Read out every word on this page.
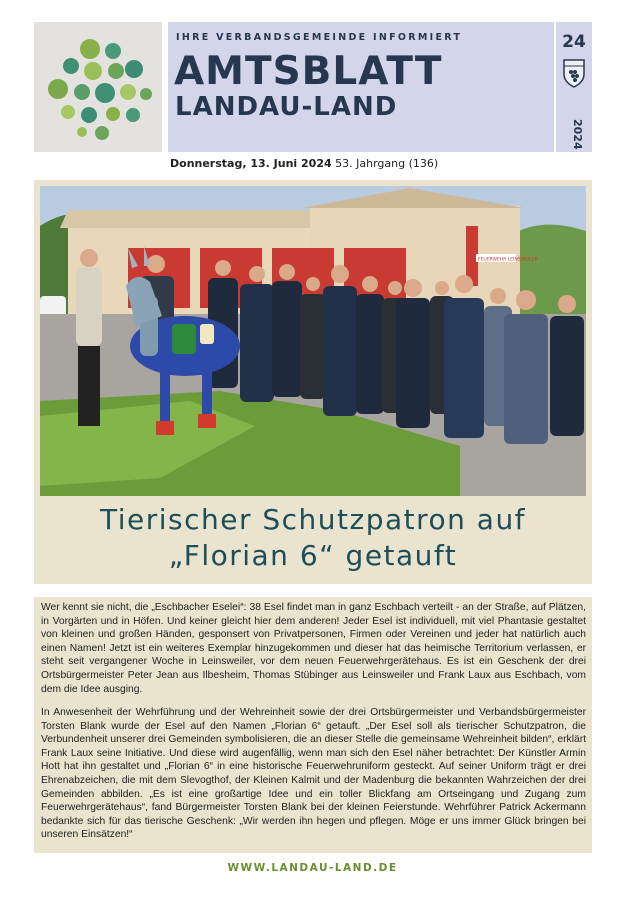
IHRE VERBANDSGEMEINDE INFORMIERT
AMTSBLATT
LANDAU-LAND
24
2024
Donnerstag, 13. Juni 2024 53. Jahrgang (136)
FEUERWEHR LEINSWEILER
Tierischer Schutzpatron auf
„Florian 6“ getauft

Wer kennt sie nicht, die „Eschbacher Eselei“: 38 Esel findet man in ganz Eschbach verteilt - an der Straße, auf Plätzen, in Vorgärten und in Höfen. Und keiner gleicht hier dem anderen! Jeder Esel ist individuell, mit viel Phantasie gestaltet von kleinen und großen Händen, gesponsert von Privatpersonen, Firmen oder Vereinen und jeder hat natürlich auch einen Namen! Jetzt ist ein weiteres Exemplar hinzugekommen und dieser hat das heimische Territorium verlassen, er steht seit vergangener Woche in Leinsweiler, vor dem neuen Feuerwehrgerätehaus. Es ist ein Geschenk der drei Ortsbürgermeister Peter Jean aus Ilbesheim, Thomas Stübinger aus Leinsweiler und Frank Laux aus Eschbach, vom dem die Idee ausging.

In Anwesenheit der Wehrführung und der Wehreinheit sowie der drei Ortsbürgermeister und Verbandsbürgermeister Torsten Blank wurde der Esel auf den Namen „Florian 6“ getauft. „Der Esel soll als tierischer Schutzpatron, die Verbundenheit unserer drei Gemeinden symbolisieren, die an dieser Stelle die gemeinsame Wehreinheit bilden“, erklärt Frank Laux seine Initiative. Und diese wird augenfällig, wenn man sich den Esel näher betrachtet: Der Künstler Armin Hott hat ihn gestaltet und „Florian 6“ in eine historische Feuerwehruniform gesteckt. Auf seiner Uniform trägt er drei Ehrenabzeichen, die mit dem Slevogthof, der Kleinen Kalmit und der Madenburg die bekannten Wahrzeichen der drei Gemeinden abbilden. „Es ist eine großartige Idee und ein toller Blickfang am Ortseingang und Zugang zum Feuerwehrgerätehaus“, fand Bürgermeister Torsten Blank bei der kleinen Feierstunde. Wehrführer Patrick Ackermann bedankte sich für das tierische Geschenk: „Wir werden ihn hegen und pflegen. Möge er uns immer Glück bringen bei unseren Einsätzen!“

WWW.LANDAU-LAND.DE
